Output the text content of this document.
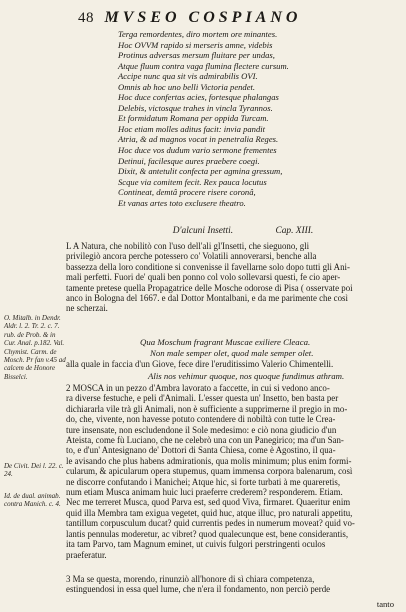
48 MVSEO COSPIANO
Terga remordentes, diro mortem ore minantes.
Hoc OVVM rapido si merseris amne, videbis
Protinus adversas mersum fluitare per undas,
Atque fluum contra vaga flumina flectere cursum.
Accipe nunc qua sit vis admirabilis OVI.
Omnis ab hoc uno belli Victoria pendet.
Hoc duce confertas acies, fortesque phalangas
Delebis, victosque trahes in vincla Tyrannos.
Et formidatum Romana per oppida Turcam.
Hoc etiam molles aditus facit: invia pandit
Atria, & ad magnos vocat in penetralia Reges.
Hoc duce vos dudum vario sermone frementes
Detinui, facilesque aures praebere coegi.
Dixit, & antetulit confecta per agmina gressum,
Scque via comitem fecit. Rex pauca locutus
Contineat, demtâ procere risere coronâ,
Et vanas artes toto exclusere theatro.
D'alcuni Insetti.	Cap. XIII.
L A Natura, che nobilitò con l'uso dell'ali gl'Insetti, che sieguono, gli
privilegiò ancora perche potessero co' Volatili annoverarsi, benche alla
bassezza della loro conditione si convenisse il favellarne solo dopo tutti gli Ani-
mali perfetti. Fuori de' quali ben ponno col volo sollevarsi questi, fe cio aper-
tamente pretese quella Propagatrice delle Mosche odorose di Pisa ( osservate poi
anco in Bologna del 1667. e dal Dottor Montalbani, e da me parimente che così
ne scherzai.
O. Mitalb. in Dendr. Aldr. l. 2. Tr. 2. c. 7. rub. de Prob. & in Cur. Anal. p.182. Val. Chymist. Carm. de Mosch. Pr fan v.45 ad calcem de Honore Bisselci.
Qua Moschum fragrant Muscae exiliere Cleaca.
Non male semper olet, quod male semper olet.
alla quale in faccia d'un Giove, fece dire l'eruditissimo Valerio Chimentelli.
Alis nos vehimur quoque, nos quoque fundimus athram.
2 MOSCA in un pezzo d'Ambra lavorato a faccette, in cui si vedono anco-
ra diverse festuche, e peli d'Animali. L'esser questa un' Insetto, ben basta per
dichiararla vile trà gli Animali, non è sufficiente a supprimerne il pregio in mo-
do, che, vivente, non havesse potuto contendere di nobiltà con tutte le Crea-
ture insensate, non escludendone il Sole medesimo: e ciò nona giudicio d'un
Ateista, come fù Luciano, che ne celebrò una con un Panegirico; ma d'un San-
to, e d'un' Antesignano de' Dottori di Santa Chiesa, come è Agostino, il qua-
le avisando che plus habens admirationis, qua molis minimum; plus enim formi-
cularum, & apicularum opera stupemus, quam immensa corpora balenarum, così
ne discorre confutando i Manichei; Atque hic, si forte turbati à me quareretis,
num etiam Musca animam huic luci praeferre crederem? responderem. Etiam.
Nec me terreret Musca, quod Parva est, sed quod Viva, firmaret. Quaeritur enim
quid illa Membra tam exigua vegetet, quid huc, atque illuc, pro naturali appetitu,
tantillum corpusculum ducat? quid currentis pedes in numerum moveat? quid vo-
lantis pennulas moderetur, ac vibret? quod qualecunque est, bene considerantis,
ita tam Parvo, tam Magnum eminet, ut cuivis fulgori perstringenti oculos
praeferatur.
De Civit. Dei l. 22. c. 24.
Id. de dual. animab. contra Manich. c. 4.
3 Ma se questa, morendo, rinunziò all'honore di sì chiara competenza,
estinguendosi in essa quel lume, che n'era il fondamento, non perciò perde
tanto
